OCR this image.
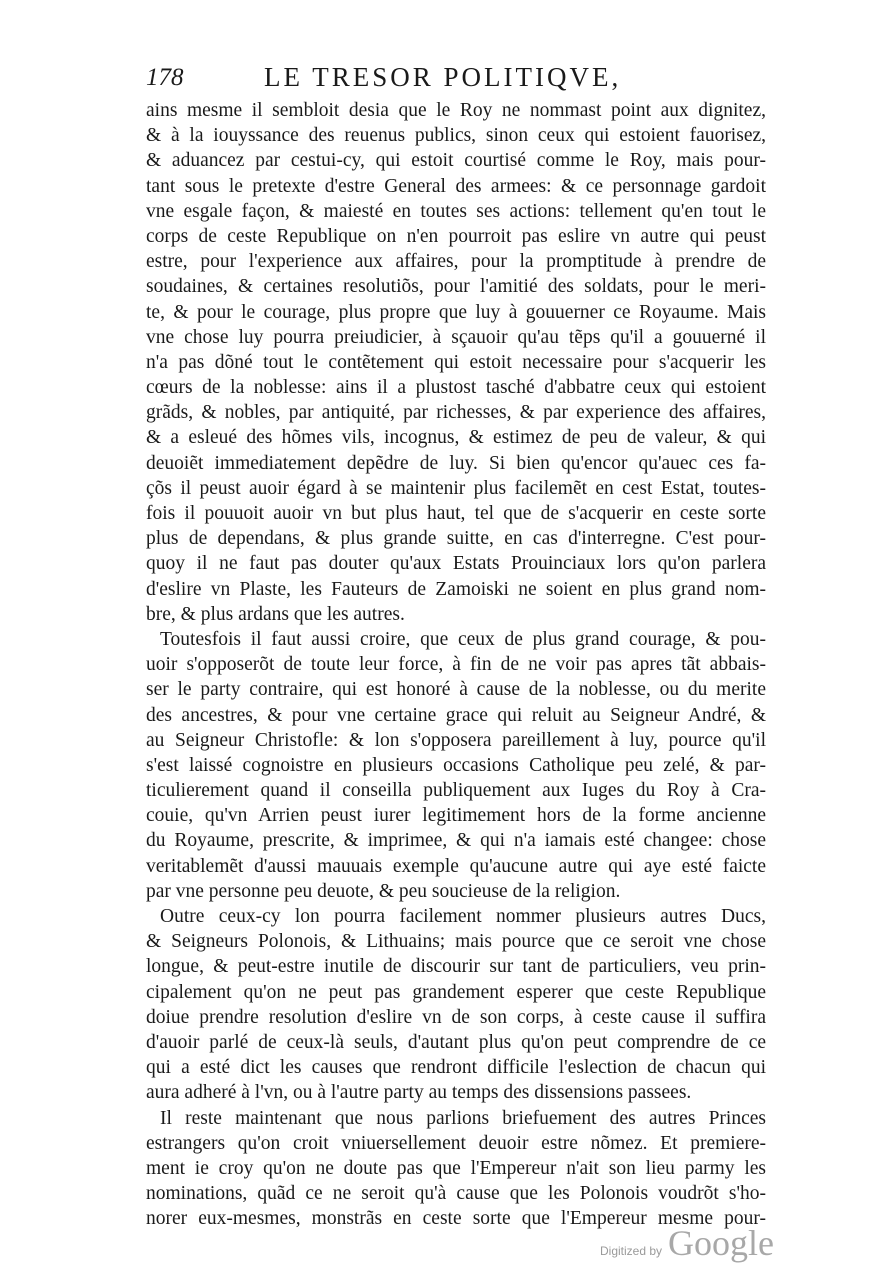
178	LE TRESOR POLITIQVE,
ains mesme il sembloit desia que le Roy ne nommast point aux dignitez,
& à la iouyssance des reuenus publics, sinon ceux qui estoient fauorisez,
& aduancez par cestui-cy, qui estoit courtisé comme le Roy, mais pour-
tant sous le pretexte d'estre General des armees: & ce personnage gardoit
vne esgale façon, & maiesté en toutes ses actions: tellement qu'en tout le
corps de ceste Republique on n'en pourroit pas eslire vn autre qui peust
estre, pour l'experience aux affaires, pour la promptitude à prendre de
soudaines, & certaines resolutiõs, pour l'amitié des soldats, pour le meri-
te, & pour le courage, plus propre que luy à gouuerner ce Royaume. Mais
vne chose luy pourra preiudicier, à sçauoir qu'au tẽps qu'il a gouuerné il
n'a pas dõné tout le contẽtement qui estoit necessaire pour s'acquerir les
cœurs de la noblesse: ains il a plustost tasché d'abbatre ceux qui estoient
grãds, & nobles, par antiquité, par richesses, & par experience des affaires,
& a esleué des hõmes vils, incognus, & estimez de peu de valeur, & qui
deuoiẽt immediatement depẽdre de luy. Si bien qu'encor qu'auec ces fa-
çõs il peust auoir égard à se maintenir plus facilemẽt en cest Estat, toutes-
fois il pouuoit auoir vn but plus haut, tel que de s'acquerir en ceste sorte
plus de dependans, & plus grande suitte, en cas d'interregne. C'est pour-
quoy il ne faut pas douter qu'aux Estats Prouinciaux lors qu'on parlera
d'eslire vn Plaste, les Fauteurs de Zamoiski ne soient en plus grand nom-
bre, & plus ardans que les autres.
Toutesfois il faut aussi croire, que ceux de plus grand courage, & pou-
uoir s'opposerõt de toute leur force, à fin de ne voir pas apres tãt abbais-
ser le party contraire, qui est honoré à cause de la noblesse, ou du merite
des ancestres, & pour vne certaine grace qui reluit au Seigneur André, &
au Seigneur Christofle: & lon s'opposera pareillement à luy, pource qu'il
s'est laissé cognoistre en plusieurs occasions Catholique peu zelé, & par-
ticulierement quand il conseilla publiquement aux Iuges du Roy à Cra-
couie, qu'vn Arrien peust iurer legitimement hors de la forme ancienne
du Royaume, prescrite, & imprimee, & qui n'a iamais esté changee: chose
veritablemẽt d'aussi mauuais exemple qu'aucune autre qui aye esté faicte
par vne personne peu deuote, & peu soucieuse de la religion.
Outre ceux-cy lon pourra facilement nommer plusieurs autres Ducs,
& Seigneurs Polonois, & Lithuains; mais pource que ce seroit vne chose
longue, & peut-estre inutile de discourir sur tant de particuliers, veu prin-
cipalement qu'on ne peut pas grandement esperer que ceste Republique
doiue prendre resolution d'eslire vn de son corps, à ceste cause il suffira
d'auoir parlé de ceux-là seuls, d'autant plus qu'on peut comprendre de ce
qui a esté dict les causes que rendront difficile l'eslection de chacun qui
aura adheré à l'vn, ou à l'autre party au temps des dissensions passees.
Il reste maintenant que nous parlions briefuement des autres Princes
estrangers qu'on croit vniuersellement deuoir estre nõmez. Et premiere-
ment ie croy qu'on ne doute pas que l'Empereur n'ait son lieu parmy les
nominations, quãd ce ne seroit qu'à cause que les Polonois voudrõt s'ho-
norer eux-mesmes, monstrãs en ceste sorte que l'Empereur mesme pour-
Digitized by Google
